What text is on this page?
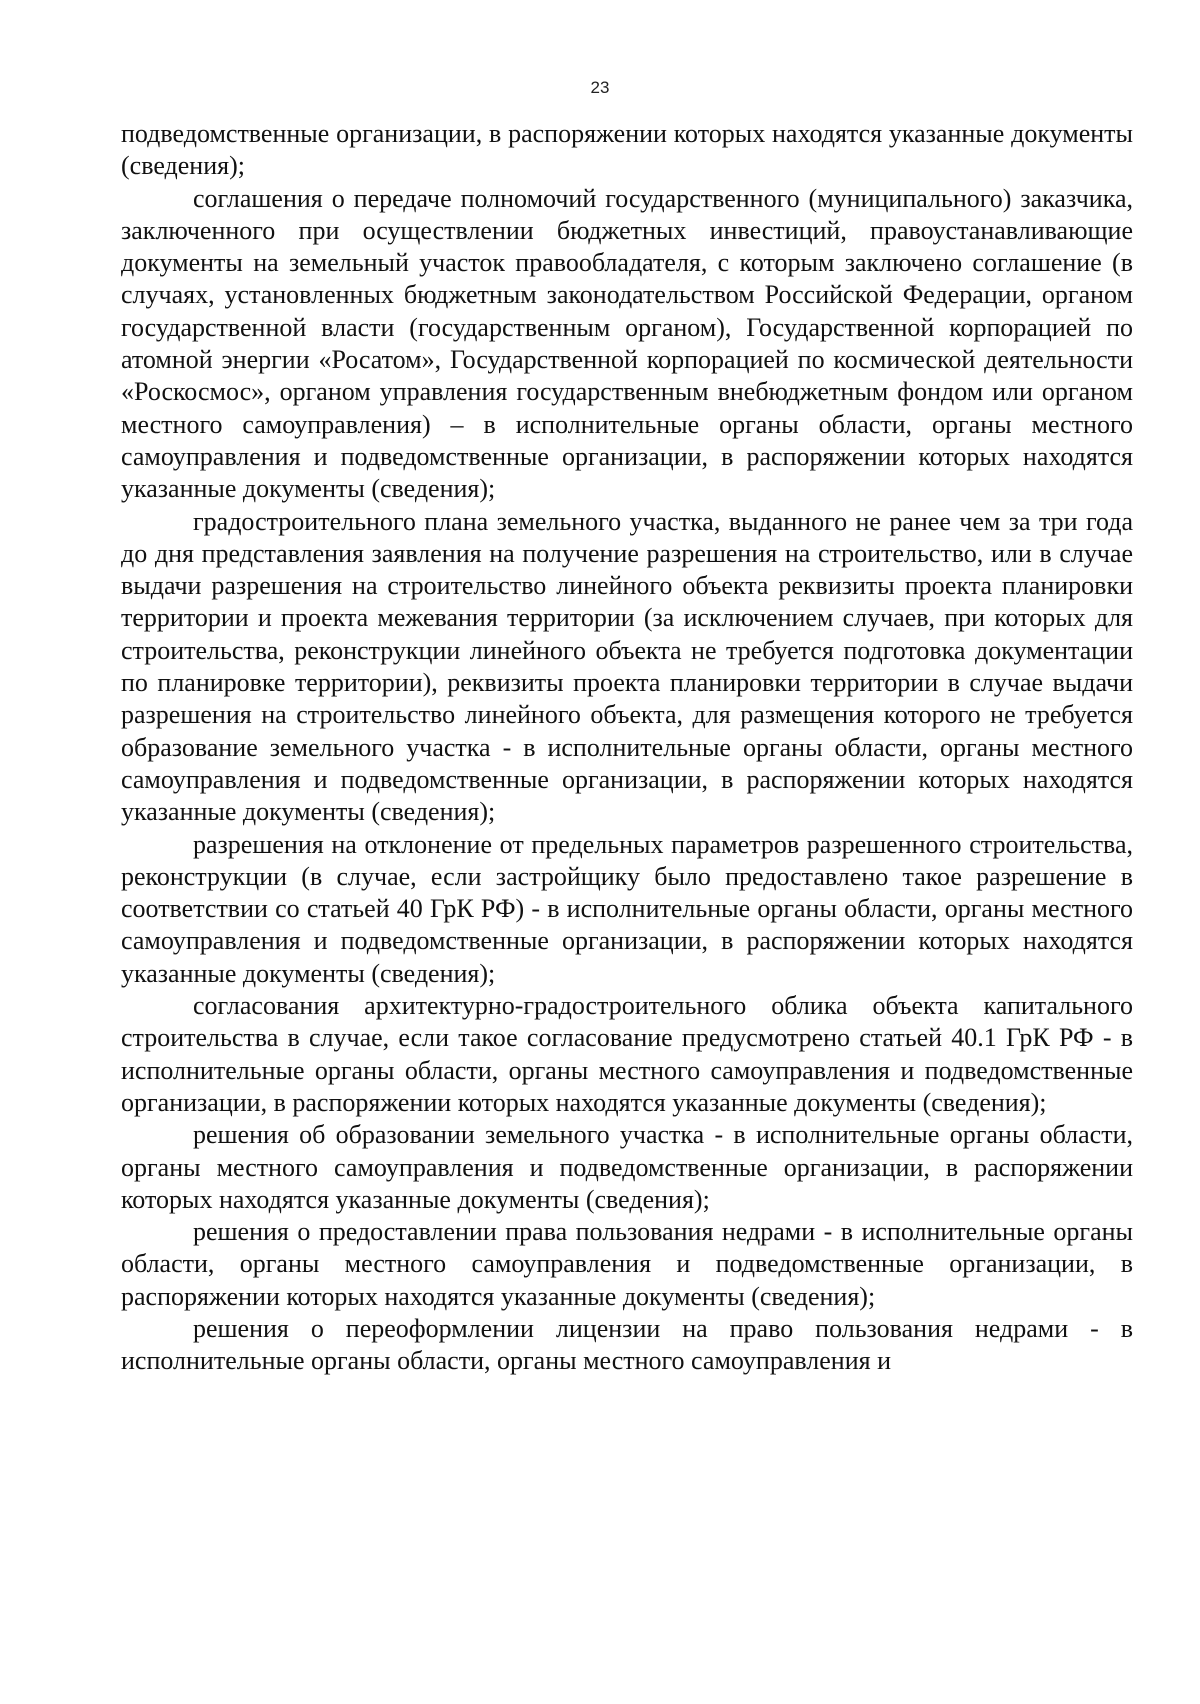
23

подведомственные организации, в распоряжении которых находятся указанные документы (сведения);

соглашения о передаче полномочий государственного (муниципального) заказчика, заключенного при осуществлении бюджетных инвестиций, правоустанавливающие документы на земельный участок правообладателя, с которым заключено соглашение (в случаях, установленных бюджетным законодательством Российской Федерации, органом государственной власти (государственным органом), Государственной корпорацией по атомной энергии «Росатом», Государственной корпорацией по космической деятельности «Роскосмос», органом управления государственным внебюджетным фондом или органом местного самоуправления) – в исполнительные органы области, органы местного самоуправления и подведомственные организации, в распоряжении которых находятся указанные документы (сведения);

градостроительного плана земельного участка, выданного не ранее чем за три года до дня представления заявления на получение разрешения на строительство, или в случае выдачи разрешения на строительство линейного объекта реквизиты проекта планировки территории и проекта межевания территории (за исключением случаев, при которых для строительства, реконструкции линейного объекта не требуется подготовка документации по планировке территории), реквизиты проекта планировки территории в случае выдачи разрешения на строительство линейного объекта, для размещения которого не требуется образование земельного участка - в исполнительные органы области, органы местного самоуправления и подведомственные организации, в распоряжении которых находятся указанные документы (сведения);

разрешения на отклонение от предельных параметров разрешенного строительства, реконструкции (в случае, если застройщику было предоставлено такое разрешение в соответствии со статьей 40 ГрК РФ) - в исполнительные органы области, органы местного самоуправления и подведомственные организации, в распоряжении которых находятся указанные документы (сведения);

согласования архитектурно-градостроительного облика объекта капитального строительства в случае, если такое согласование предусмотрено статьей 40.1 ГрК РФ - в исполнительные органы области, органы местного самоуправления и подведомственные организации, в распоряжении которых находятся указанные документы (сведения);

решения об образовании земельного участка - в исполнительные органы области, органы местного самоуправления и подведомственные организации, в распоряжении которых находятся указанные документы (сведения);

решения о предоставлении права пользования недрами - в исполнительные органы области, органы местного самоуправления и подведомственные организации, в распоряжении которых находятся указанные документы (сведения);

решения о переоформлении лицензии на право пользования недрами - в исполнительные органы области, органы местного самоуправления и
